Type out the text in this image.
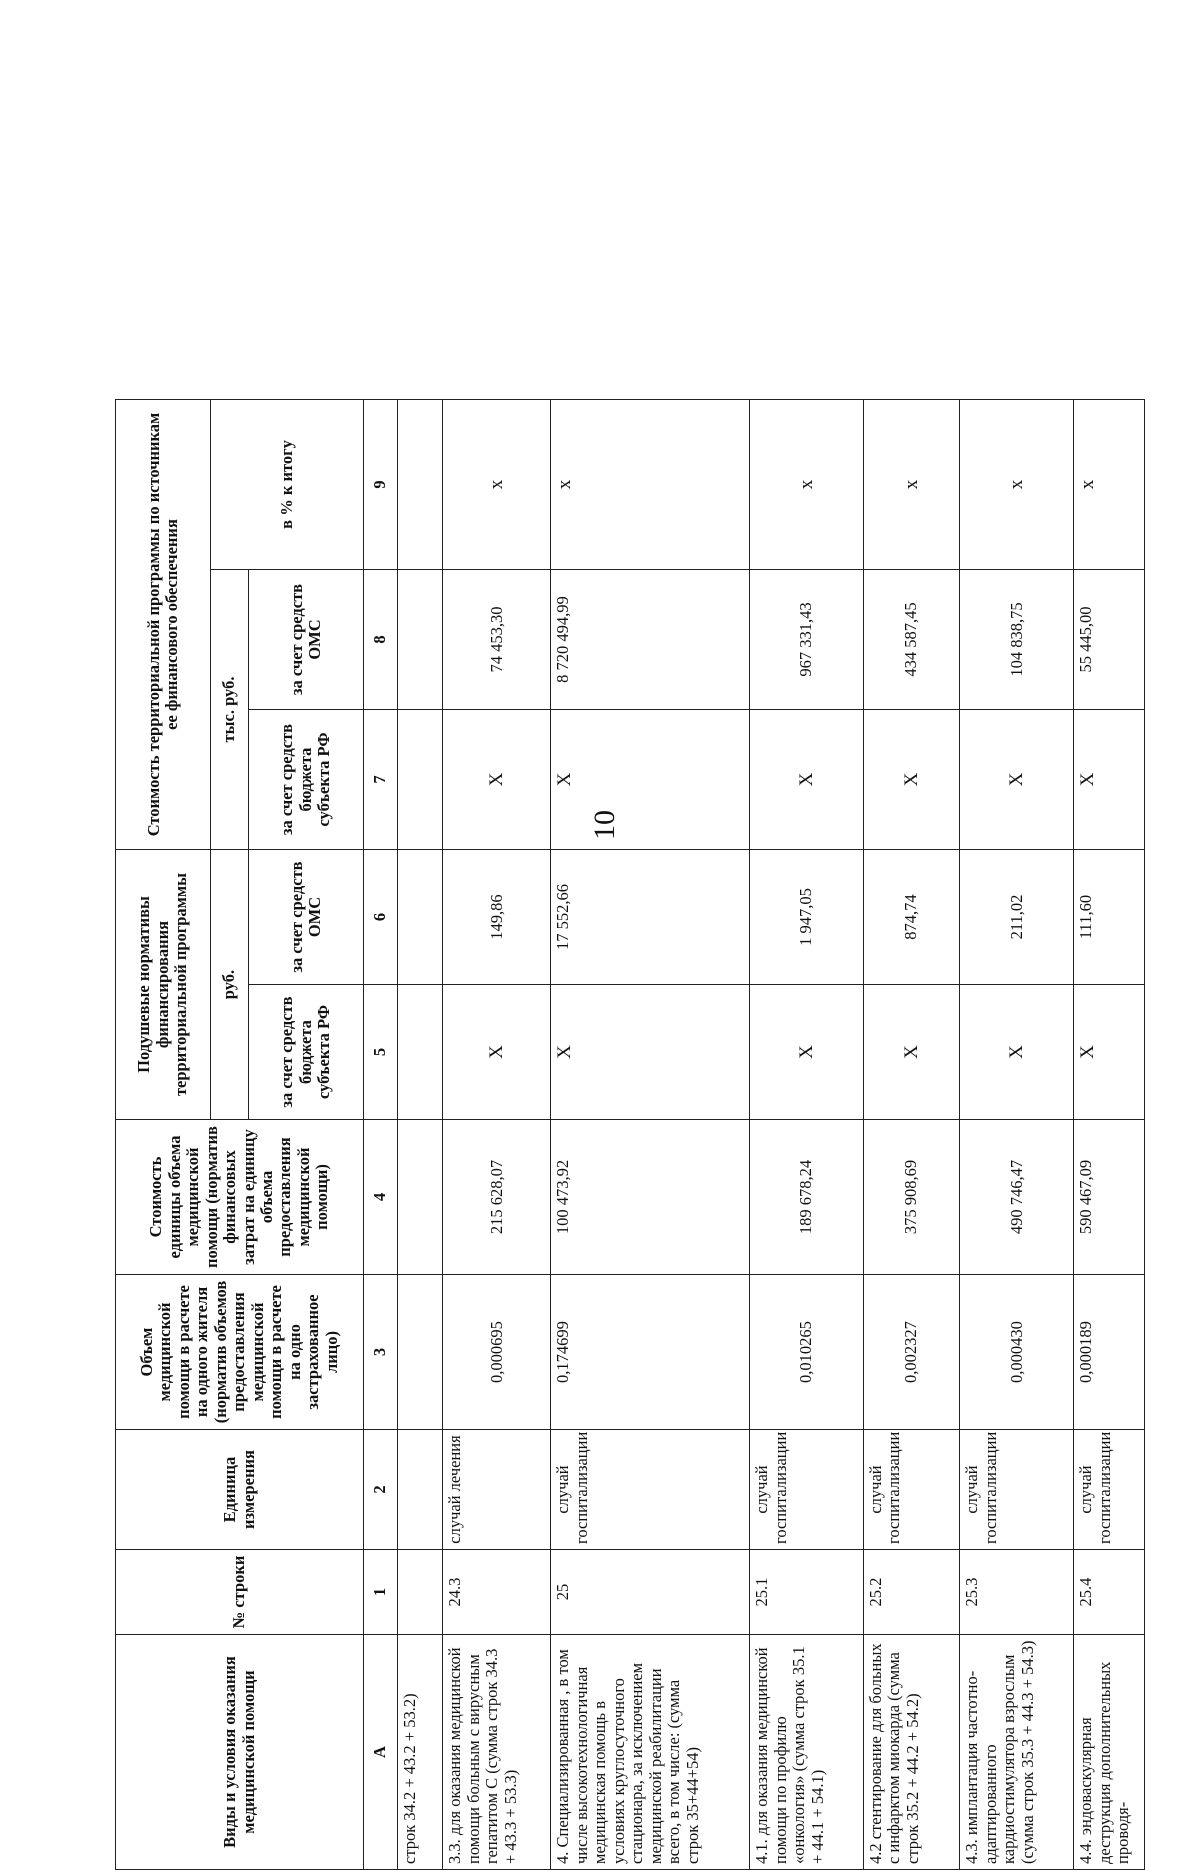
10
Виды и условия оказания медицинской помощи	№ строки	Единица измерения	Объем медицинской помощи в расчете на одного жителя (норматив объемов предоставления медицинской помощи в расчете на одно застрахованное лицо)	Стоимость единицы объема медицинской помощи (норматив финансовых затрат на единицу объема предоставления медицинской помощи)	Подушевые нормативы финансирования территориальной программы		Стоимость территориальной программы по источникам ее финансового обеспечения		
					руб.		тыс. руб.		в % к итогу
					за счет средств бюджета субъекта РФ	за счет средств ОМС	за счет средств бюджета субъекта РФ	за счет средств ОМС	
А	1	2	3	4	5	6	7	8	9
строк 34.2 + 43.2 + 53.2)									
3.3. для оказания медицинской помощи больным с вирусным гепатитом С (сумма строк 34.3 + 43.3 + 53.3)	24.3	случай лечения	0,000695	215 628,07	X	149,86	X	74 453,30	x
4. Специализированная , в том числе высокотехнологичная медицинская помощь в условиях круглосуточного стационара, за исключением медицинской реабилитации всего, в том числе: (сумма строк 35+44+54)	25	случай госпитализации	0,174699	100 473,92	X	17 552,66	X	8 720 494,99	x
4.1. для оказания медицинской помощи по профилю «онкология» (сумма строк 35.1 + 44.1 + 54.1)	25.1	случай госпитализации	0,010265	189 678,24	X	1 947,05	X	967 331,43	x
4.2 стентирование для больных с инфарктом миокарда (сумма строк 35.2 + 44.2 + 54.2)	25.2	случай госпитализации	0,002327	375 908,69	X	874,74	X	434 587,45	x
4.3. имплантация частотно-адаптированного кардиостимулятора взрослым (сумма строк 35.3 + 44.3 + 54.3)	25.3	случай госпитализации	0,000430	490 746,47	X	211,02	X	104 838,75	x
4.4. эндоваскулярная деструкция дополнительных проводя-	25.4	случай госпитализации	0,000189	590 467,09	X	111,60	X	55 445,00	x
